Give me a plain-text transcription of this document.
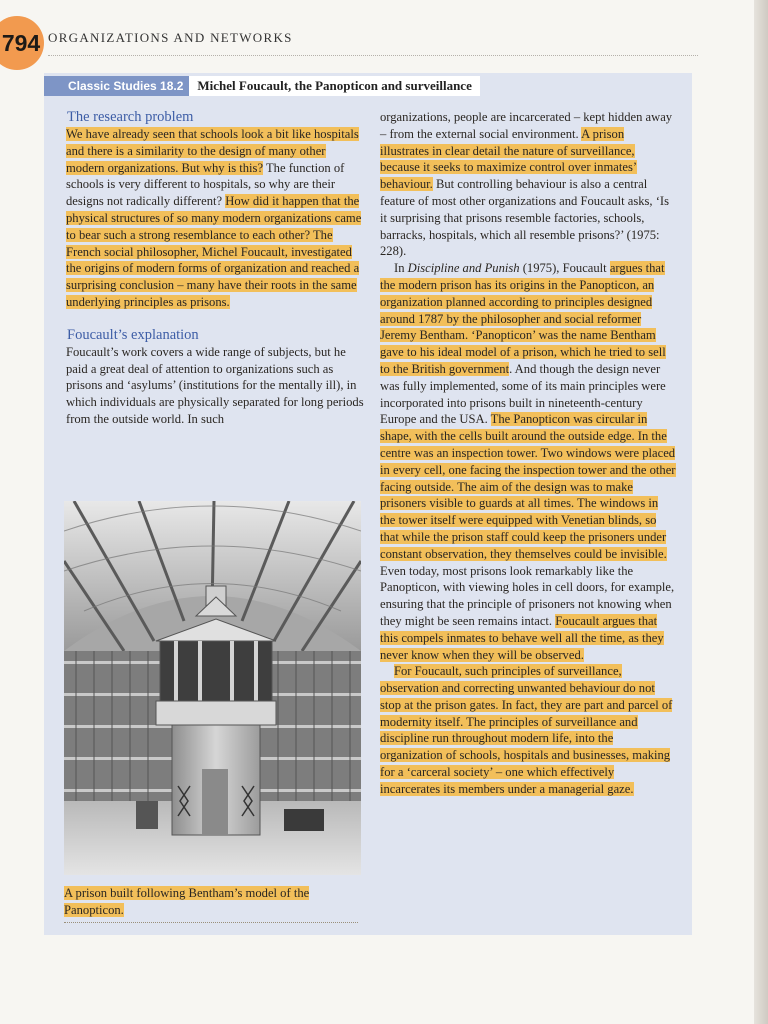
794 ORGANIZATIONS AND NETWORKS
Classic Studies 18.2	Michel Foucault, the Panopticon and surveillance
The research problem

We have already seen that schools look a bit like hospitals and there is a similarity to the design of many other modern organizations. But why is this? The function of schools is very different to hospitals, so why are their designs not radically different? How did it happen that the physical structures of so many modern organizations came to bear such a strong resemblance to each other? The French social philosopher, Michel Foucault, investigated the origins of modern forms of organization and reached a surprising conclusion – many have their roots in the same underlying principles as prisons.

Foucault’s explanation

Foucault’s work covers a wide range of subjects, but he paid a great deal of attention to organizations such as prisons and ‘asylums’ (institutions for the mentally ill), in which individuals are physically separated for long periods from the outside world. In such

A prison built following Bentham’s model of the Panopticon.

organizations, people are incarcerated – kept hidden away – from the external social environment. A prison illustrates in clear detail the nature of surveillance, because it seeks to maximize control over inmates’ behaviour. But controlling behaviour is also a central feature of most other organizations and Foucault asks, ‘Is it surprising that prisons resemble factories, schools, barracks, hospitals, which all resemble prisons?’ (1975: 228).

In Discipline and Punish (1975), Foucault argues that the modern prison has its origins in the Panopticon, an organization planned according to principles designed around 1787 by the philosopher and social reformer Jeremy Bentham. ‘Panopticon’ was the name Bentham gave to his ideal model of a prison, which he tried to sell to the British government. And though the design never was fully implemented, some of its main principles were incorporated into prisons built in nineteenth-century Europe and the USA. The Panopticon was circular in shape, with the cells built around the outside edge. In the centre was an inspection tower. Two windows were placed in every cell, one facing the inspection tower and the other facing outside. The aim of the design was to make prisoners visible to guards at all times. The windows in the tower itself were equipped with Venetian blinds, so that while the prison staff could keep the prisoners under constant observation, they themselves could be invisible. Even today, most prisons look remarkably like the Panopticon, with viewing holes in cell doors, for example, ensuring that the principle of prisoners not knowing when they might be seen remains intact. Foucault argues that this compels inmates to behave well all the time, as they never know when they will be observed.

For Foucault, such principles of surveillance, observation and correcting unwanted behaviour do not stop at the prison gates. In fact, they are part and parcel of modernity itself. The principles of surveillance and discipline run throughout modern life, into the organization of schools, hospitals and businesses, making for a ‘carceral society’ – one which effectively incarcerates its members under a managerial gaze.
